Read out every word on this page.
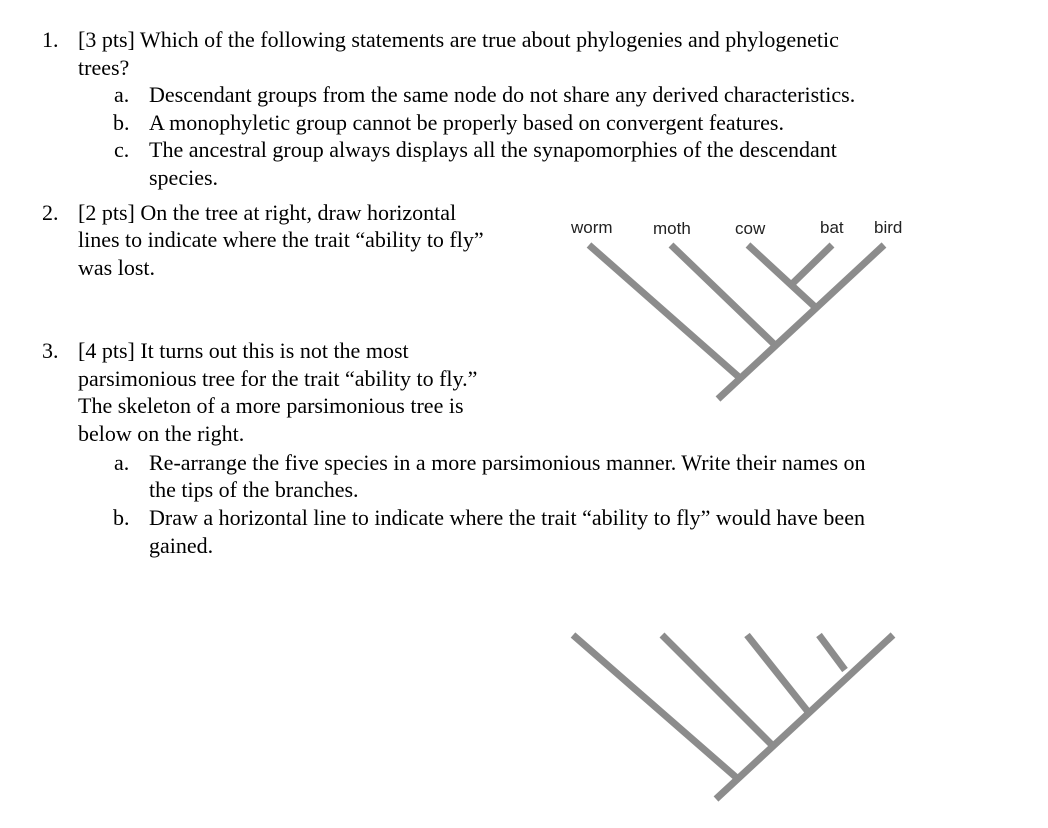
1. [3 pts] Which of the following statements are true about phylogenies and phylogenetic
trees?
a. Descendant groups from the same node do not share any derived characteristics.
b. A monophyletic group cannot be properly based on convergent features.
c. The ancestral group always displays all the synapomorphies of the descendant
species.
2. [2 pts] On the tree at right, draw horizontal
lines to indicate where the trait “ability to fly”
was lost.
3. [4 pts] It turns out this is not the most
parsimonious tree for the trait “ability to fly.”
The skeleton of a more parsimonious tree is
below on the right.
a. Re-arrange the five species in a more parsimonious manner. Write their names on
the tips of the branches.
b. Draw a horizontal line to indicate where the trait “ability to fly” would have been
gained.
worm moth	cow	bat bird
